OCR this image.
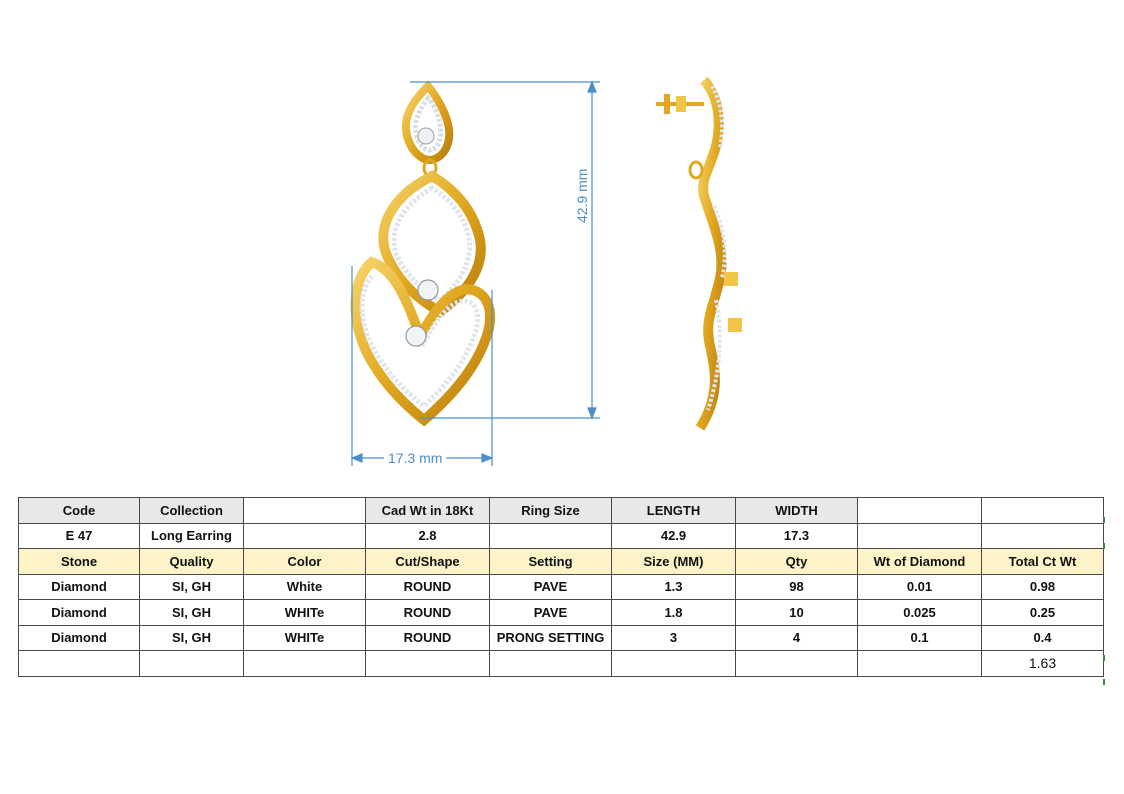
42.9 mm
17.3 mm
Code	Collection		Cad Wt in 18Kt	Ring Size	LENGTH	WIDTH		
E 47	Long Earring		2.8		42.9	17.3		
Stone	Quality	Color	Cut/Shape	Setting	Size (MM)	Qty	Wt of Diamond	Total Ct Wt
Diamond	SI, GH	White	ROUND	PAVE	1.3	98	0.01	0.98
Diamond	SI, GH	WHITe	ROUND	PAVE	1.8	10	0.025	0.25
Diamond	SI, GH	WHITe	ROUND	PRONG SETTING	3	4	0.1	0.4
								1.63
